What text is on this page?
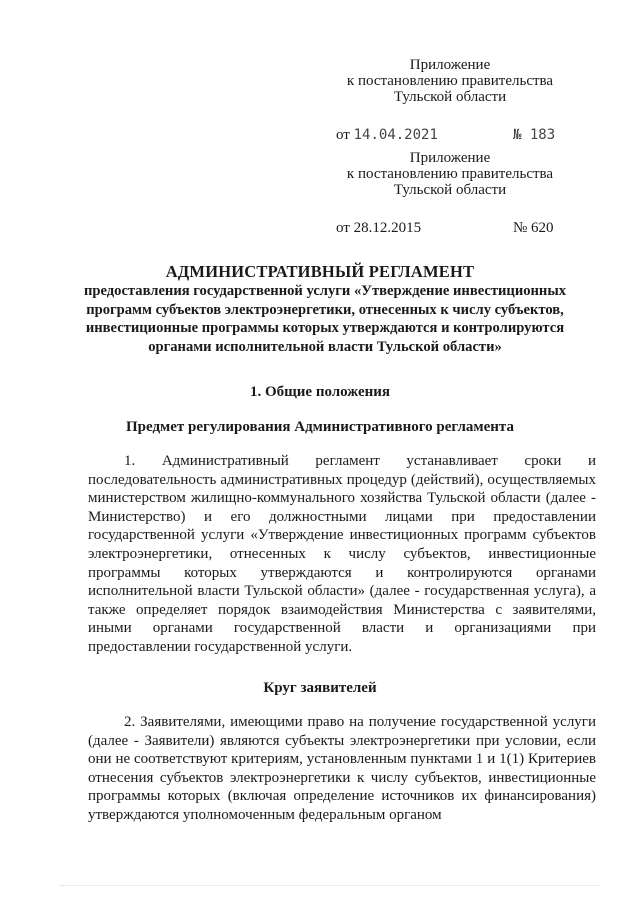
Приложение
к постановлению правительства
Тульской области
от 14.04.2021	№ 183
Приложение
к постановлению правительства
Тульской области
от 28.12.2015	№ 620
АДМИНИСТРАТИВНЫЙ РЕГЛАМЕНТ
предоставления государственной услуги «Утверждение инвестиционных программ субъектов электроэнергетики, отнесенных к числу субъектов, инвестиционные программы которых утверждаются и контролируются органами исполнительной власти Тульской области»
1. Общие положения
Предмет регулирования Административного регламента
1. Административный регламент устанавливает сроки и последовательность административных процедур (действий), осуществляемых министерством жилищно-коммунального хозяйства Тульской области (далее - Министерство) и его должностными лицами при предоставлении государственной услуги «Утверждение инвестиционных программ субъектов электроэнергетики, отнесенных к числу субъектов, инвестиционные программы которых утверждаются и контролируются органами исполнительной власти Тульской области» (далее - государственная услуга), а также определяет порядок взаимодействия Министерства с заявителями, иными органами государственной власти и организациями при предоставлении государственной услуги.
Круг заявителей
2. Заявителями, имеющими право на получение государственной услуги (далее - Заявители) являются субъекты электроэнергетики при условии, если они не соответствуют критериям, установленным пунктами 1 и 1(1) Критериев отнесения субъектов электроэнергетики к числу субъектов, инвестиционные программы которых (включая определение источников их финансирования) утверждаются уполномоченным федеральным органом
